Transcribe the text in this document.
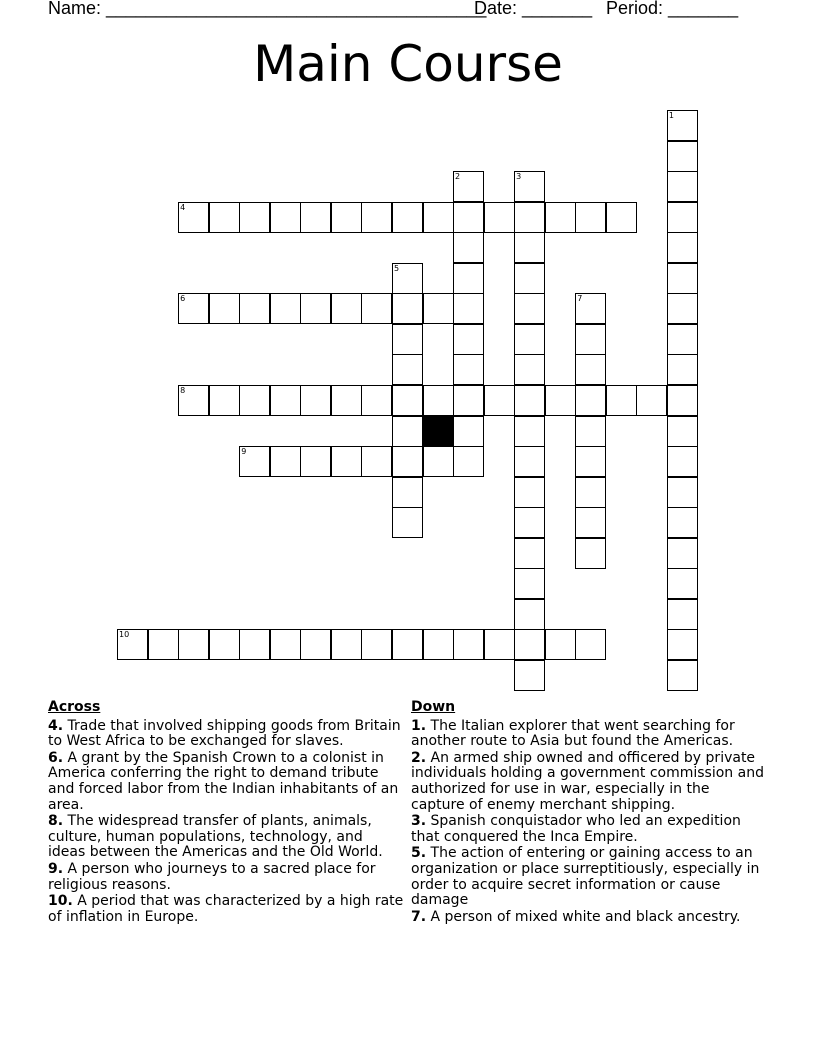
Name: ______________________________________
Date: _______ Period: _______
Main Course
1
2	3
4
5
6	7
8
9
10
Across
4. Trade that involved shipping goods from Britain to West Africa to be exchanged for slaves.
6. A grant by the Spanish Crown to a colonist in America conferring the right to demand tribute and forced labor from the Indian inhabitants of an area.
8. The widespread transfer of plants, animals, culture, human populations, technology, and ideas between the Americas and the Old World.
9. A person who journeys to a sacred place for religious reasons.
10. A period that was characterized by a high rate of inflation in Europe.
Down
1. The Italian explorer that went searching for another route to Asia but found the Americas.
2. An armed ship owned and officered by private individuals holding a government commission and authorized for use in war, especially in the capture of enemy merchant shipping.
3. Spanish conquistador who led an expedition that conquered the Inca Empire.
5. The action of entering or gaining access to an organization or place surreptitiously, especially in order to acquire secret information or cause damage
7. A person of mixed white and black ancestry.
